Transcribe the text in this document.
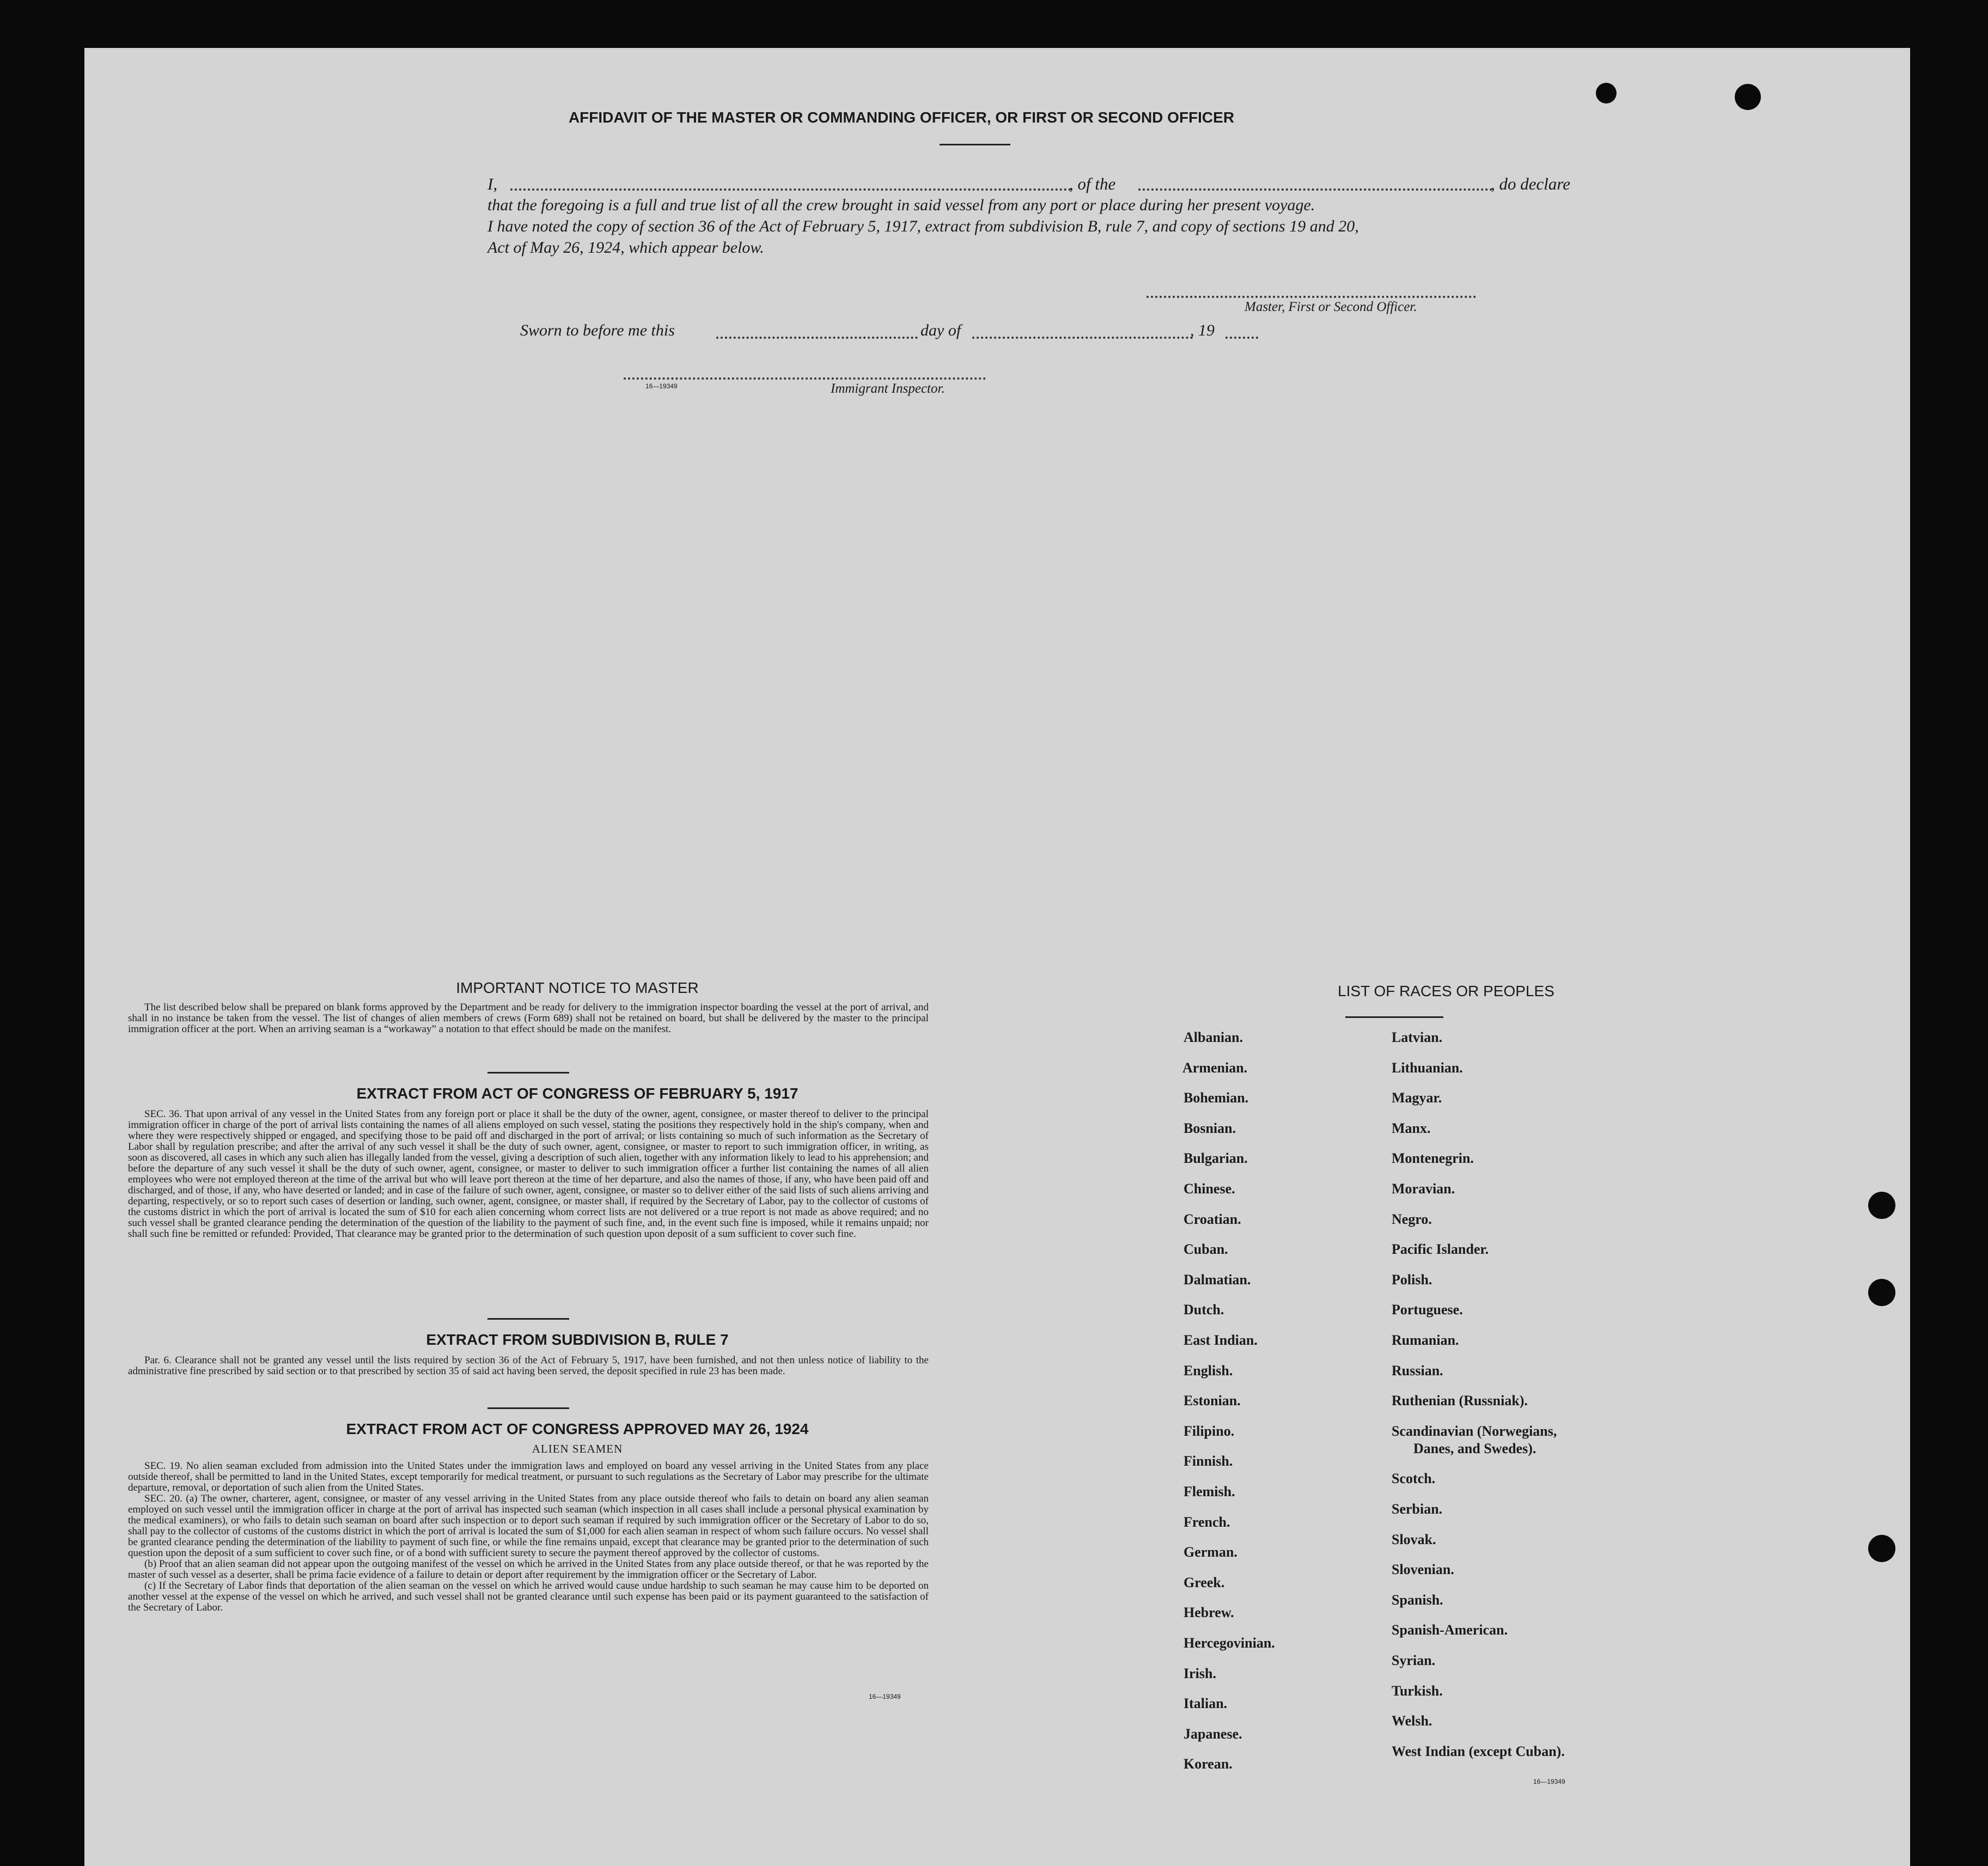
AFFIDAVIT OF THE MASTER OR COMMANDING OFFICER, OR FIRST OR SECOND OFFICER
I,	, of the	, do declare
that the foregoing is a full and true list of all the crew brought in said vessel from any port or place during her present voyage.
I have noted the copy of section 36 of the Act of February 5, 1917, extract from subdivision B, rule 7, and copy of sections 19 and 20,
Act of May 26, 1924, which appear below.
Master, First or Second Officer.
Sworn to before me this	day of	, 19
16—19349	Immigrant Inspector.
IMPORTANT NOTICE TO MASTER

The list described below shall be prepared on blank forms approved by the Department and be ready for delivery to the immigration inspector boarding the vessel at the port of arrival, and shall in no instance be taken from the vessel. The list of changes of alien members of crews (Form 689) shall not be retained on board, but shall be delivered by the master to the principal immigration officer at the port. When an arriving seaman is a “workaway” a notation to that effect should be made on the manifest.

EXTRACT FROM ACT OF CONGRESS OF FEBRUARY 5, 1917

SEC. 36. That upon arrival of any vessel in the United States from any foreign port or place it shall be the duty of the owner, agent, consignee, or master thereof to deliver to the principal immigration officer in charge of the port of arrival lists containing the names of all aliens employed on such vessel, stating the positions they respectively hold in the ship's company, when and where they were respectively shipped or engaged, and specifying those to be paid off and discharged in the port of arrival; or lists containing so much of such information as the Secretary of Labor shall by regulation prescribe; and after the arrival of any such vessel it shall be the duty of such owner, agent, consignee, or master to report to such immigration officer, in writing, as soon as discovered, all cases in which any such alien has illegally landed from the vessel, giving a description of such alien, together with any information likely to lead to his apprehension; and before the departure of any such vessel it shall be the duty of such owner, agent, consignee, or master to deliver to such immigration officer a further list containing the names of all alien employees who were not employed thereon at the time of the arrival but who will leave port thereon at the time of her departure, and also the names of those, if any, who have been paid off and discharged, and of those, if any, who have deserted or landed; and in case of the failure of such owner, agent, consignee, or master so to deliver either of the said lists of such aliens arriving and departing, respectively, or so to report such cases of desertion or landing, such owner, agent, consignee, or master shall, if required by the Secretary of Labor, pay to the collector of customs of the customs district in which the port of arrival is located the sum of $10 for each alien concerning whom correct lists are not delivered or a true report is not made as above required; and no such vessel shall be granted clearance pending the determination of the question of the liability to the payment of such fine, and, in the event such fine is imposed, while it remains unpaid; nor shall such fine be remitted or refunded: Provided, That clearance may be granted prior to the determination of such question upon deposit of a sum sufficient to cover such fine.

EXTRACT FROM SUBDIVISION B, RULE 7

Par. 6. Clearance shall not be granted any vessel until the lists required by section 36 of the Act of February 5, 1917, have been furnished, and not then unless notice of liability to the administrative fine prescribed by said section or to that prescribed by section 35 of said act having been served, the deposit specified in rule 23 has been made.

EXTRACT FROM ACT OF CONGRESS APPROVED MAY 26, 1924
ALIEN SEAMEN

SEC. 19. No alien seaman excluded from admission into the United States under the immigration laws and employed on board any vessel arriving in the United States from any place outside thereof, shall be permitted to land in the United States, except temporarily for medical treatment, or pursuant to such regulations as the Secretary of Labor may prescribe for the ultimate departure, removal, or deportation of such alien from the United States.

SEC. 20. (a) The owner, charterer, agent, consignee, or master of any vessel arriving in the United States from any place outside thereof who fails to detain on board any alien seaman employed on such vessel until the immigration officer in charge at the port of arrival has inspected such seaman (which inspection in all cases shall include a personal physical examination by the medical examiners), or who fails to detain such seaman on board after such inspection or to deport such seaman if required by such immigration officer or the Secretary of Labor to do so, shall pay to the collector of customs of the customs district in which the port of arrival is located the sum of $1,000 for each alien seaman in respect of whom such failure occurs. No vessel shall be granted clearance pending the determination of the liability to payment of such fine, or while the fine remains unpaid, except that clearance may be granted prior to the determination of such question upon the deposit of a sum sufficient to cover such fine, or of a bond with sufficient surety to secure the payment thereof approved by the collector of customs.

(b) Proof that an alien seaman did not appear upon the outgoing manifest of the vessel on which he arrived in the United States from any place outside thereof, or that he was reported by the master of such vessel as a deserter, shall be prima facie evidence of a failure to detain or deport after requirement by the immigration officer or the Secretary of Labor.

(c) If the Secretary of Labor finds that deportation of the alien seaman on the vessel on which he arrived would cause undue hardship to such seaman he may cause him to be deported on another vessel at the expense of the vessel on which he arrived, and such vessel shall not be granted clearance until such expense has been paid or its payment guaranteed to the satisfaction of the Secretary of Labor.

16—19349
LIST OF RACES OR PEOPLES
16—19349
Albanian.
Armenian.
Bohemian.
Bosnian.
Bulgarian.
Chinese.
Croatian.
Cuban.
Dalmatian.
Dutch.
East Indian.
English.
Estonian.
Filipino.
Finnish.
Flemish.
French.
German.
Greek.
Hebrew.
Hercegovinian.
Irish.
Italian.
Japanese.
Korean.
Latvian.
Lithuanian.
Magyar.
Manx.
Montenegrin.
Moravian.
Negro.
Pacific Islander.
Polish.
Portuguese.
Rumanian.
Russian.
Ruthenian (Russniak).
Scandinavian (Norwegians,
Danes, and Swedes).
Scotch.
Serbian.
Slovak.
Slovenian.
Spanish.
Spanish-American.
Syrian.
Turkish.
Welsh.
West Indian (except Cuban).
